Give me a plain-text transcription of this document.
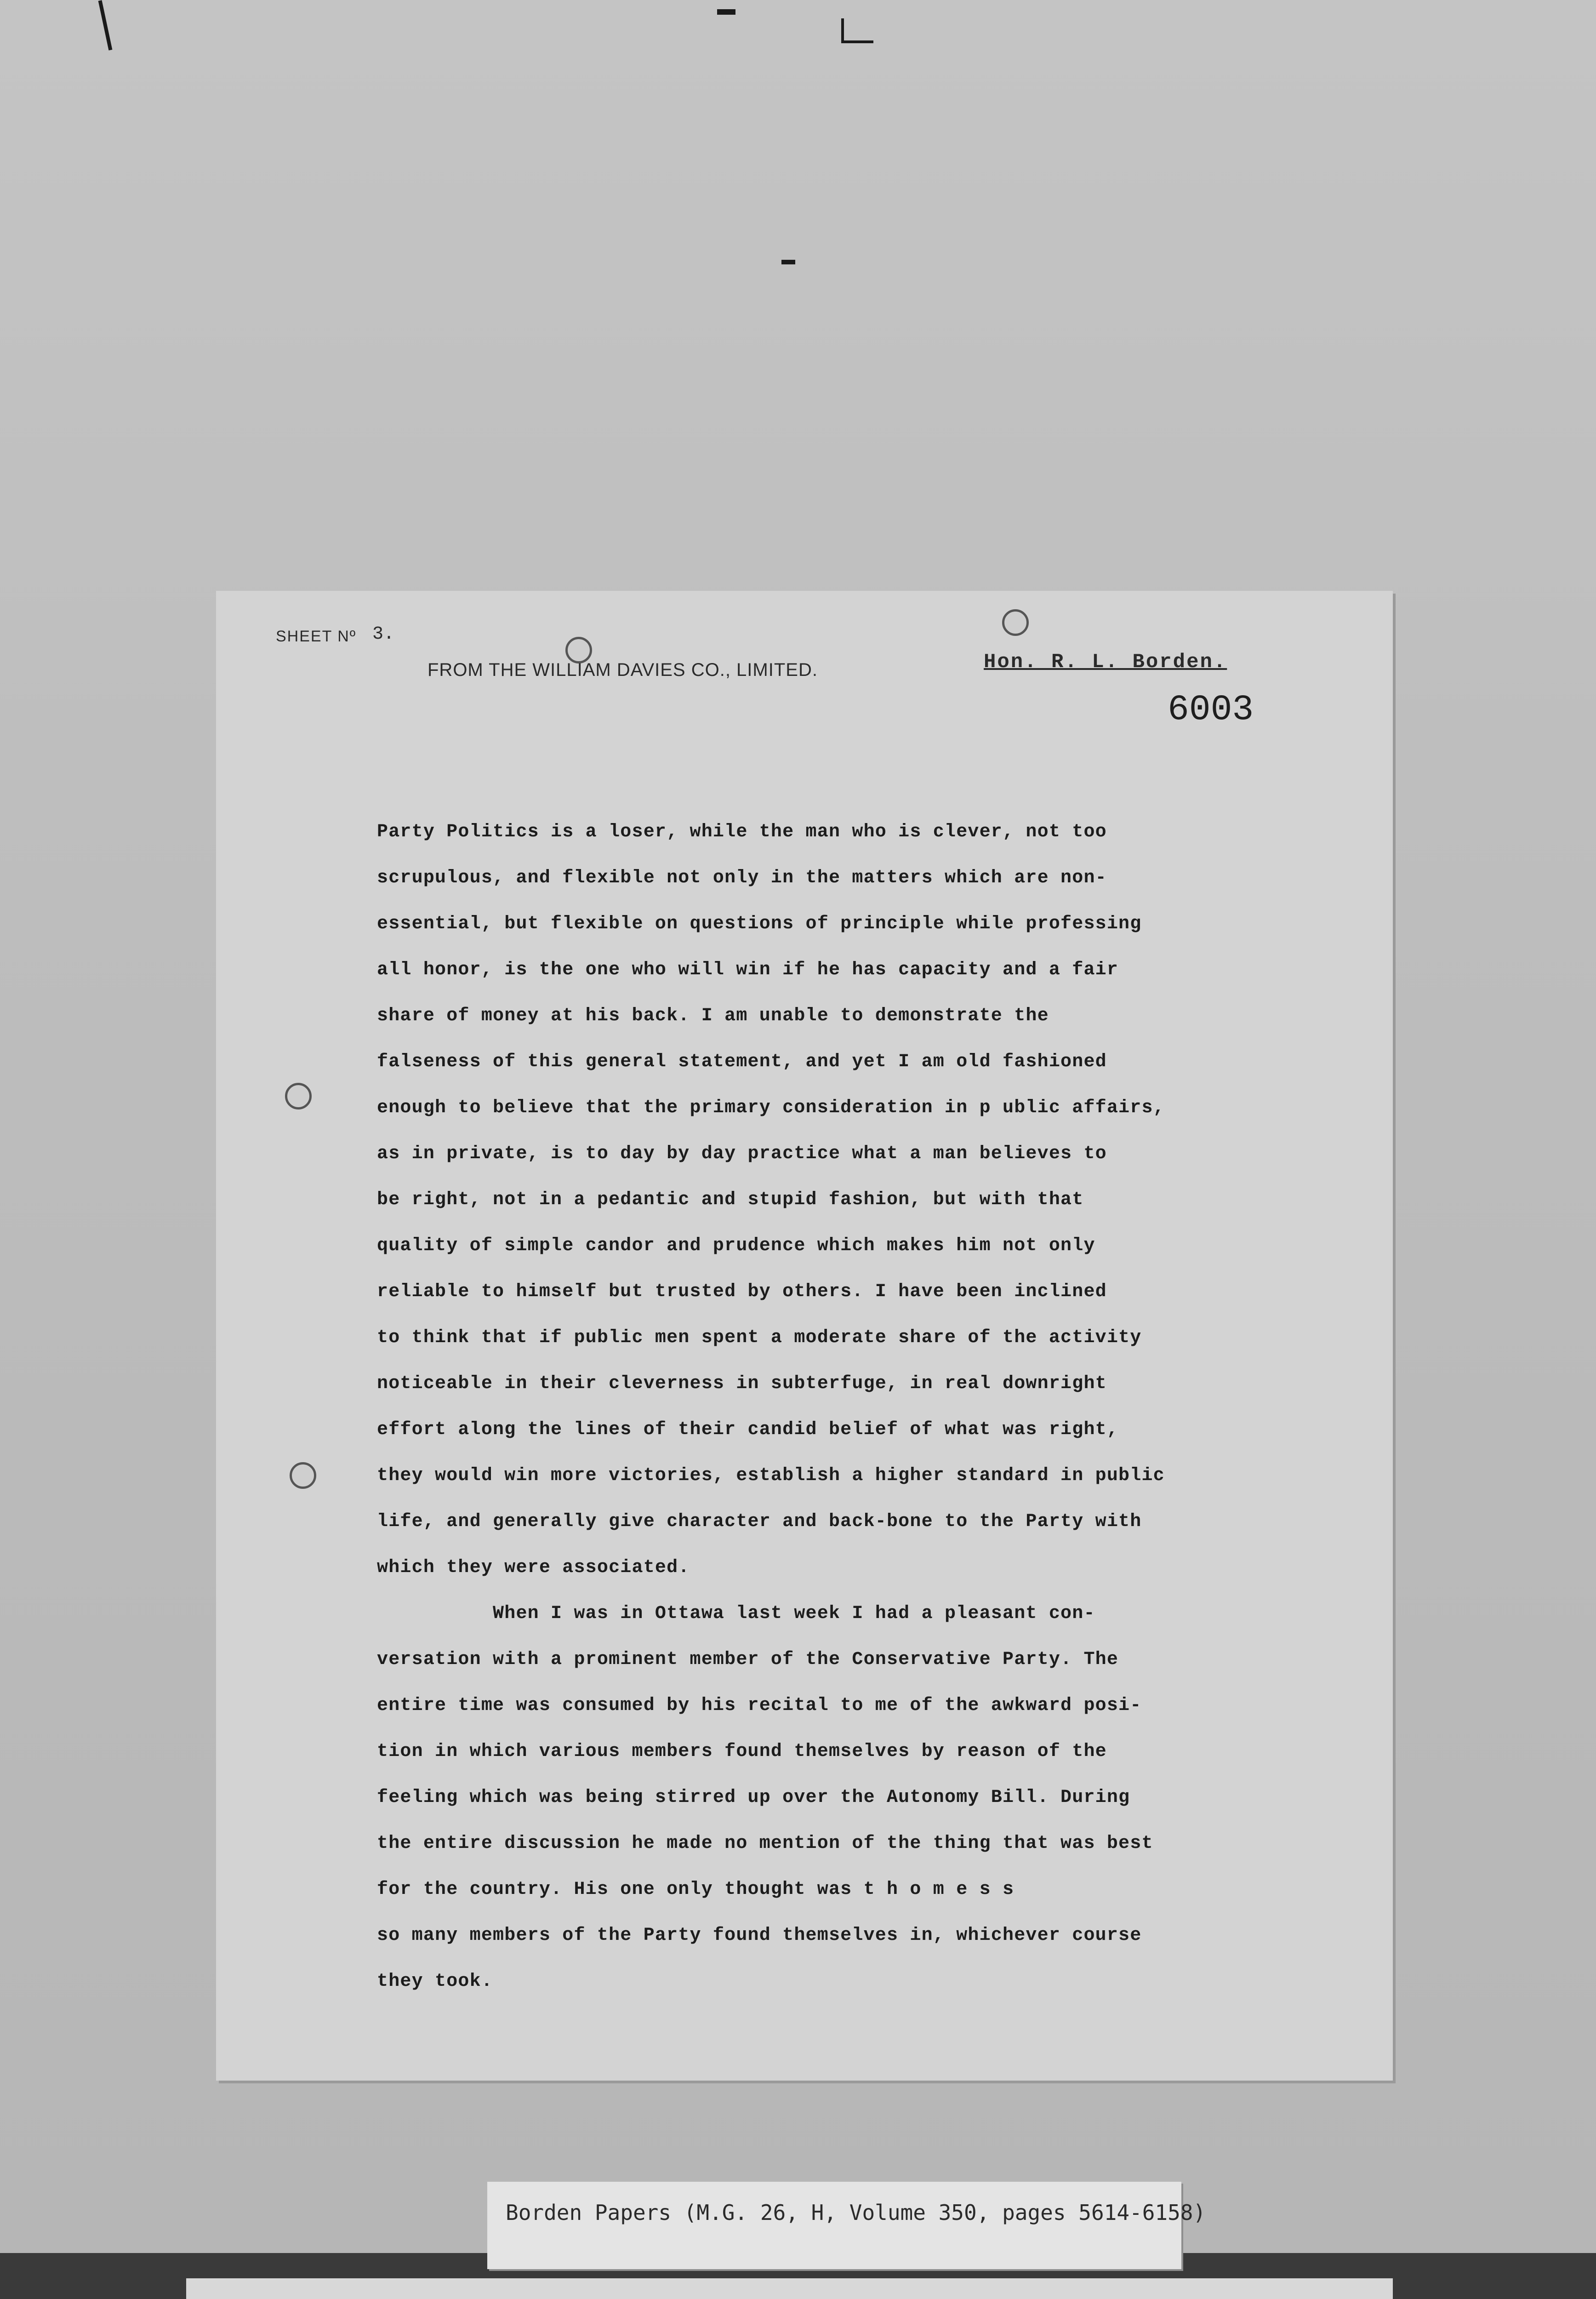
SHEET Nº 3.
FROM THE WILLIAM DAVIES CO., LIMITED.	Hon. R. L. Borden.
6003
Party Politics is a loser, while the man who is clever, not too
scrupulous, and flexible not only in the matters which are non-
essential, but flexible on questions of principle while professing
all honor, is the one who will win if he has capacity and a fair
share of money at his back. I am unable to demonstrate the
falseness of this general statement, and yet I am old fashioned
enough to believe that the primary consideration in p ublic affairs,
as in private, is to day by day practice what a man believes to
be right, not in a pedantic and stupid fashion, but with that
quality of simple candor and prudence which makes him not only
reliable to himself but trusted by others. I have been inclined
to think that if public men spent a moderate share of the activity
noticeable in their cleverness in subterfuge, in real downright
effort along the lines of their candid belief of what was right,
they would win more victories, establish a higher standard in public
life, and generally give character and back-bone to the Party with
which they were associated.
When I was in Ottawa last week I had a pleasant con-
versation with a prominent member of the Conservative Party. The
entire time was consumed by his recital to me of the awkward posi-
tion in which various members found themselves by reason of the
feeling which was being stirred up over the Autonomy Bill. During
the entire discussion he made no mention of the thing that was best
for the country. His one only thought was t h o m e s s
so many members of the Party found themselves in, whichever course
they took.
Borden Papers (M.G. 26, H, Volume 350, pages 5614-6158)
